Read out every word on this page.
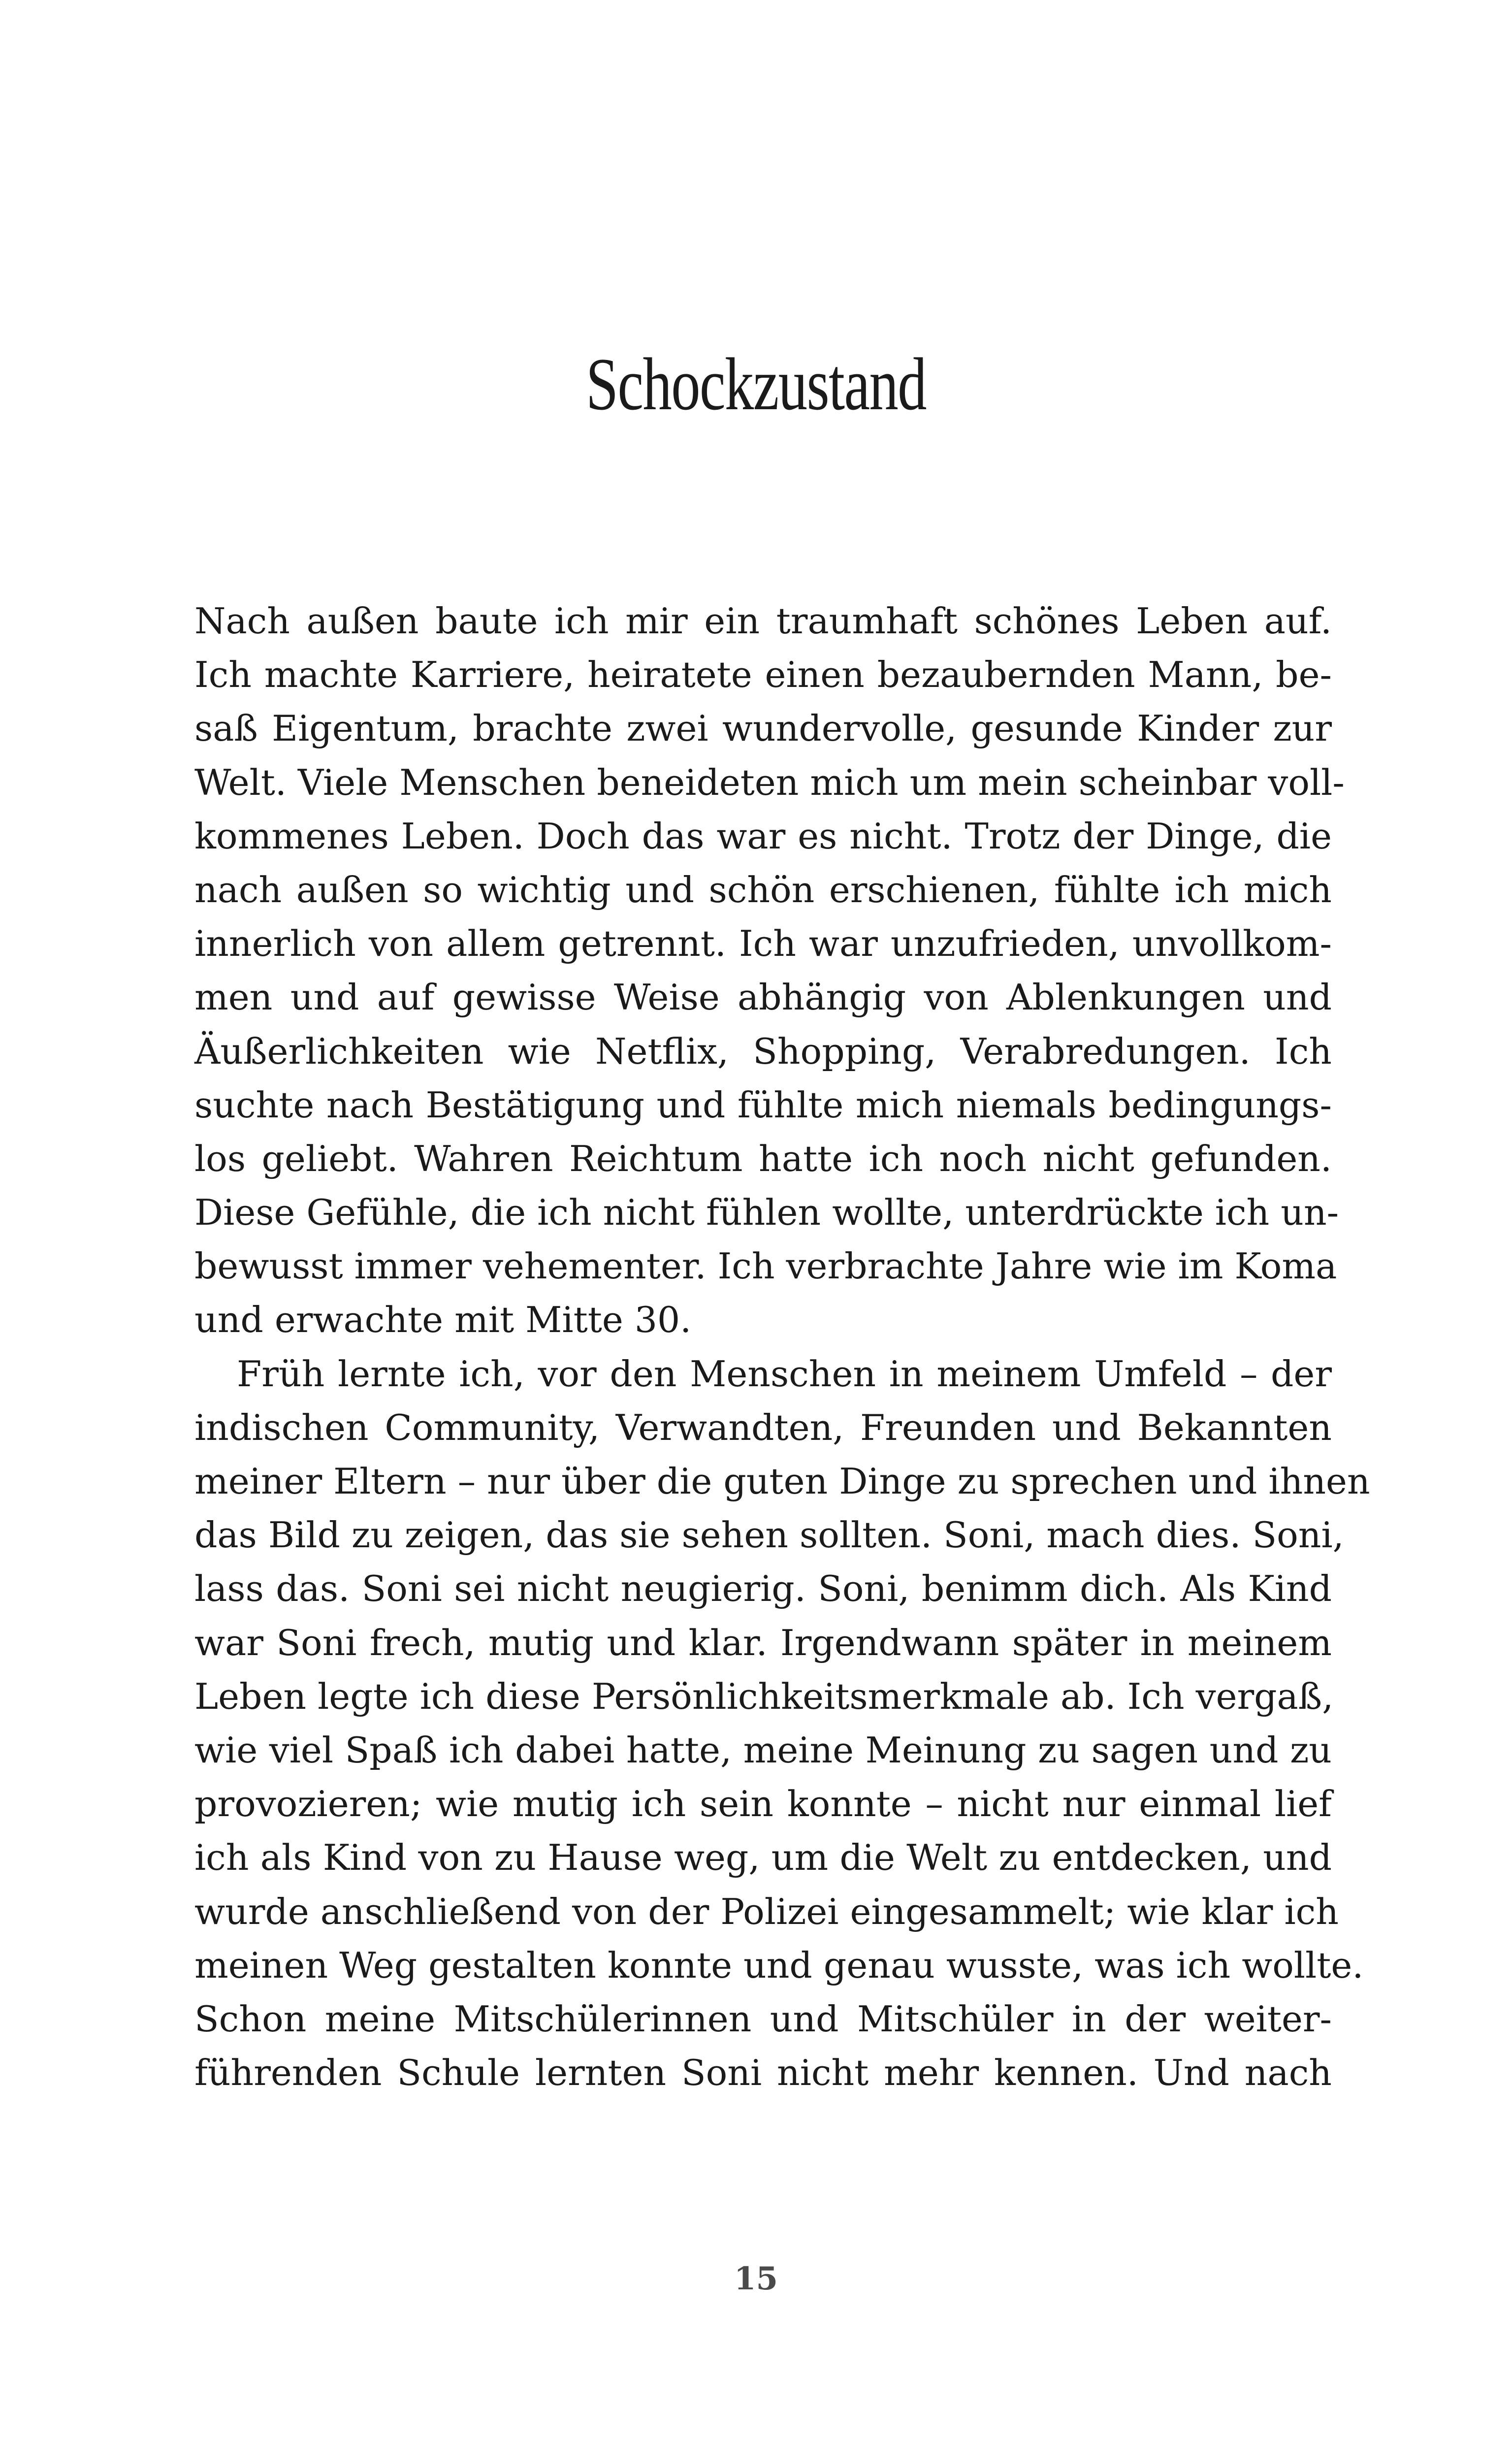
Schockzustand
Nach außen baute ich mir ein traumhaft schönes Leben auf.
Ich machte Karriere, heiratete einen bezaubernden Mann, be-
saß Eigentum, brachte zwei wundervolle, gesunde Kinder zur
Welt. Viele Menschen beneideten mich um mein scheinbar voll-
kommenes Leben. Doch das war es nicht. Trotz der Dinge, die
nach außen so wichtig und schön erschienen, fühlte ich mich
innerlich von allem getrennt. Ich war unzufrieden, unvollkom-
men und auf gewisse Weise abhängig von Ablenkungen und
Äußerlichkeiten wie Netflix, Shopping, Verabredungen. Ich
suchte nach Bestätigung und fühlte mich niemals bedingungs-
los geliebt. Wahren Reichtum hatte ich noch nicht gefunden.
Diese Gefühle, die ich nicht fühlen wollte, unterdrückte ich un-
bewusst immer vehementer. Ich verbrachte Jahre wie im Koma
und erwachte mit Mitte 30.
Früh lernte ich, vor den Menschen in meinem Umfeld – der
indischen Community, Verwandten, Freunden und Bekannten
meiner Eltern – nur über die guten Dinge zu sprechen und ihnen
das Bild zu zeigen, das sie sehen sollten. Soni, mach dies. Soni,
lass das. Soni sei nicht neugierig. Soni, benimm dich. Als Kind
war Soni frech, mutig und klar. Irgendwann später in meinem
Leben legte ich diese Persönlichkeitsmerkmale ab. Ich vergaß,
wie viel Spaß ich dabei hatte, meine Meinung zu sagen und zu
provozieren; wie mutig ich sein konnte – nicht nur einmal lief
ich als Kind von zu Hause weg, um die Welt zu entdecken, und
wurde anschließend von der Polizei eingesammelt; wie klar ich
meinen Weg gestalten konnte und genau wusste, was ich wollte.
Schon meine Mitschülerinnen und Mitschüler in der weiter-
führenden Schule lernten Soni nicht mehr kennen. Und nach
15
